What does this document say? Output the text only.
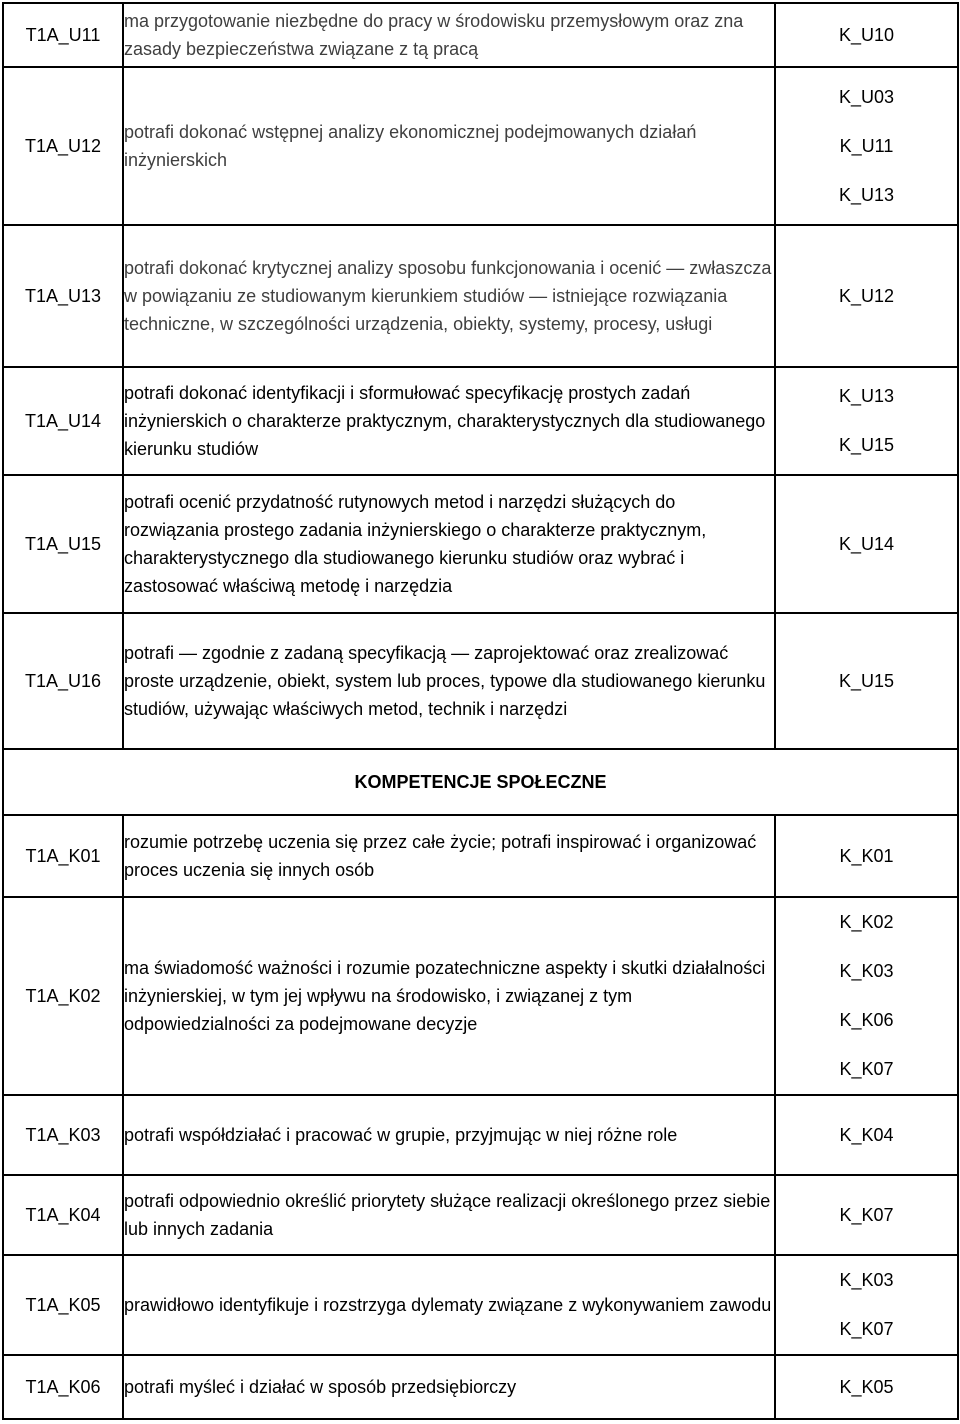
T1A_U11	ma przygotowanie niezbędne do pracy w środowisku przemysłowym oraz zna zasady bezpieczeństwa związane z tą pracą	K_U10

T1A_U12	potrafi dokonać wstępnej analizy ekonomicznej podejmowanych działań inżynierskich	K_U03
K_U11
K_U13

T1A_U13	potrafi dokonać krytycznej analizy sposobu funkcjonowania i ocenić — zwłaszcza w powiązaniu ze studiowanym kierunkiem studiów — istniejące rozwiązania techniczne, w szczególności urządzenia, obiekty, systemy, procesy, usługi	K_U12

T1A_U14	potrafi dokonać identyfikacji i sformułować specyfikację prostych zadań inżynierskich o charakterze praktycznym, charakterystycznych dla studiowanego kierunku studiów	K_U13
K_U15

T1A_U15	potrafi ocenić przydatność rutynowych metod i narzędzi służących do rozwiązania prostego zadania inżynierskiego o charakterze praktycznym, charakterystycznego dla studiowanego kierunku studiów oraz wybrać i zastosować właściwą metodę i narzędzia	K_U14

T1A_U16	potrafi — zgodnie z zadaną specyfikacją — zaprojektować oraz zrealizować proste urządzenie, obiekt, system lub proces, typowe dla studiowanego kierunku studiów, używając właściwych metod, technik i narzędzi	K_U15

KOMPETENCJE SPOŁECZNE		
T1A_K01	rozumie potrzebę uczenia się przez całe życie; potrafi inspirować i organizować proces uczenia się innych osób	K_K01

T1A_K02	ma świadomość ważności i rozumie pozatechniczne aspekty i skutki działalności inżynierskiej, w tym jej wpływu na środowisko, i związanej z tym odpowiedzialności za podejmowane decyzje	K_K02
K_K03
K_K06
K_K07

T1A_K03	potrafi współdziałać i pracować w grupie, przyjmując w niej różne role	K_K04

T1A_K04	potrafi odpowiednio określić priorytety służące realizacji określonego przez siebie lub innych zadania	K_K07

T1A_K05	prawidłowo identyfikuje i rozstrzyga dylematy związane z wykonywaniem zawodu	K_K03
K_K07

T1A_K06	potrafi myśleć i działać w sposób przedsiębiorczy	K_K05
